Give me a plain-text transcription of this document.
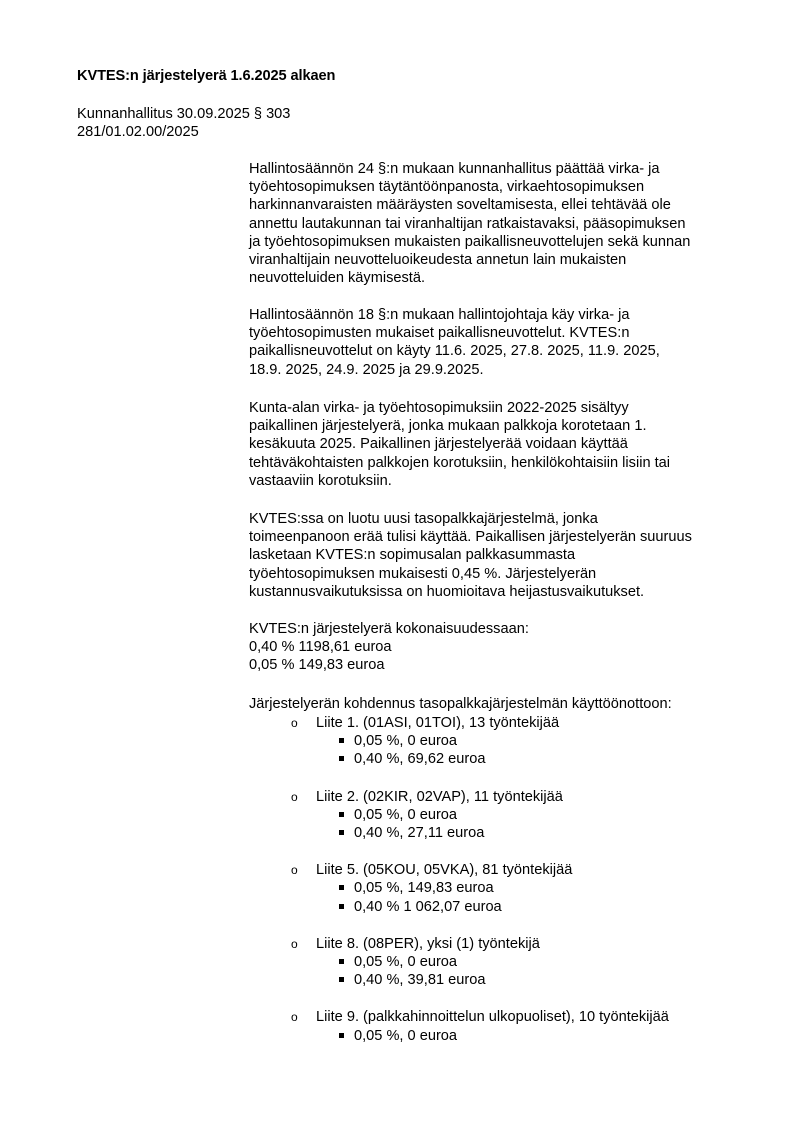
KVTES:n järjestelyerä 1.6.2025 alkaen
Kunnanhallitus 30.09.2025 § 303
281/01.02.00/2025
Hallintosäännön 24 §:n mukaan kunnanhallitus päättää virka- ja
työehtosopimuksen täytäntöönpanosta, virkaehtosopimuksen
harkinnanvaraisten määräysten soveltamisesta, ellei tehtävää ole
annettu lautakunnan tai viranhaltijan ratkaistavaksi, pääsopimuksen
ja työehtosopimuksen mukaisten paikallisneuvottelujen sekä kunnan
viranhaltijain neuvotteluoikeudesta annetun lain mukaisten
neuvotteluiden käymisestä.
Hallintosäännön 18 §:n mukaan hallintojohtaja käy virka- ja
työehtosopimusten mukaiset paikallisneuvottelut. KVTES:n
paikallisneuvottelut on käyty 11.6. 2025, 27.8. 2025, 11.9. 2025,
18.9. 2025, 24.9. 2025 ja 29.9.2025.
Kunta-alan virka- ja työehtosopimuksiin 2022-2025 sisältyy
paikallinen järjestelyerä, jonka mukaan palkkoja korotetaan 1.
kesäkuuta 2025. Paikallinen järjestelyerää voidaan käyttää
tehtäväkohtaisten palkkojen korotuksiin, henkilökohtaisiin lisiin tai
vastaaviin korotuksiin.
KVTES:ssa on luotu uusi tasopalkkajärjestelmä, jonka
toimeenpanoon erää tulisi käyttää. Paikallisen järjestelyerän suuruus
lasketaan KVTES:n sopimusalan palkkasummasta
työehtosopimuksen mukaisesti 0,45 %. Järjestelyerän
kustannusvaikutuksissa on huomioitava heijastusvaikutukset.
KVTES:n järjestelyerä kokonaisuudessaan:
0,40 % 1198,61 euroa
0,05 % 149,83 euroa
Järjestelyerän kohdennus tasopalkkajärjestelmän käyttöönottoon:
o Liite 1. (01ASI, 01TOI), 13 työntekijää
0,05 %, 0 euroa
0,40 %, 69,62 euroa
o Liite 2. (02KIR, 02VAP), 11 työntekijää
0,05 %, 0 euroa
0,40 %, 27,11 euroa
o Liite 5. (05KOU, 05VKA), 81 työntekijää
0,05 %, 149,83 euroa
0,40 % 1 062,07 euroa
o Liite 8. (08PER), yksi (1) työntekijä
0,05 %, 0 euroa
0,40 %, 39,81 euroa
o Liite 9. (palkkahinnoittelun ulkopuoliset), 10 työntekijää
0,05 %, 0 euroa
